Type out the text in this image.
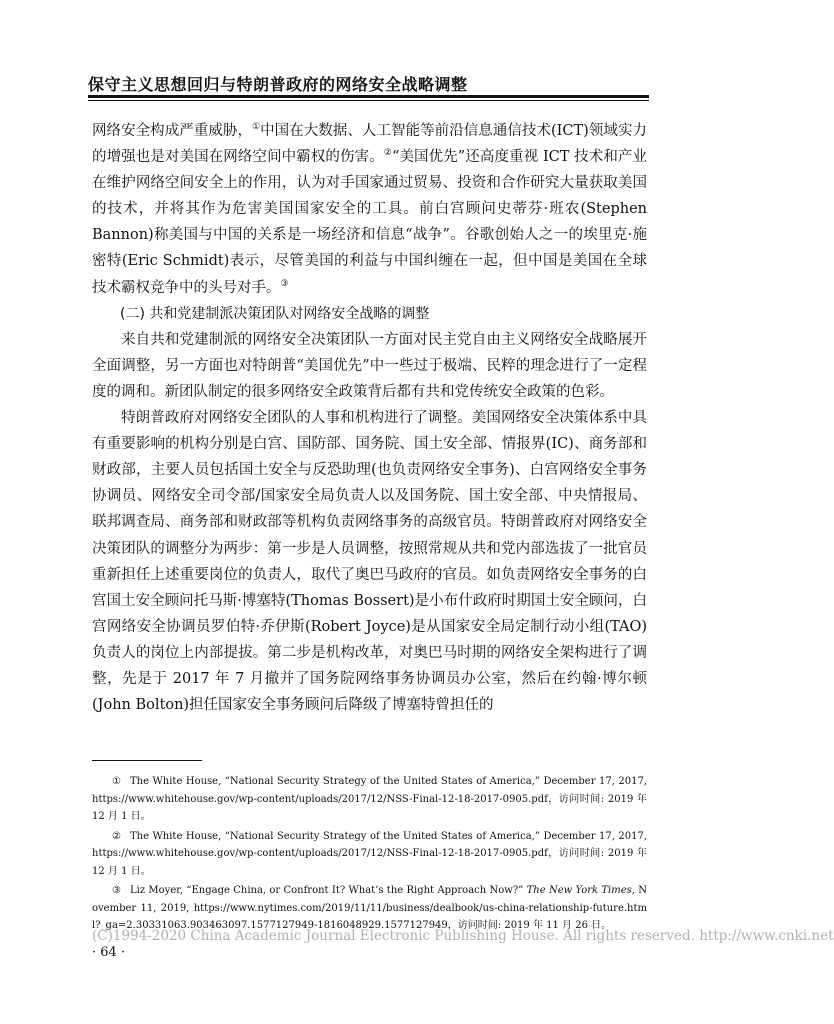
保守主义思想回归与特朗普政府的网络安全战略调整

网络安全构成严重威胁，①中国在大数据、人工智能等前沿信息通信技术(ICT)领域实力的增强也是对美国在网络空间中霸权的伤害。②“美国优先”还高度重视 ICT 技术和产业在维护网络空间安全上的作用，认为对手国家通过贸易、投资和合作研究大量获取美国的技术，并将其作为危害美国国家安全的工具。前白宫顾问史蒂芬·班农(Stephen Bannon)称美国与中国的关系是一场经济和信息“战争”。谷歌创始人之一的埃里克·施密特(Eric Schmidt)表示，尽管美国的利益与中国纠缠在一起，但中国是美国在全球技术霸权竞争中的头号对手。③

(二) 共和党建制派决策团队对网络安全战略的调整

来自共和党建制派的网络安全决策团队一方面对民主党自由主义网络安全战略展开全面调整，另一方面也对特朗普“美国优先”中一些过于极端、民粹的理念进行了一定程度的调和。新团队制定的很多网络安全政策背后都有共和党传统安全政策的色彩。

特朗普政府对网络安全团队的人事和机构进行了调整。美国网络安全决策体系中具有重要影响的机构分别是白宫、国防部、国务院、国土安全部、情报界(IC)、商务部和财政部，主要人员包括国土安全与反恐助理(也负责网络安全事务)、白宫网络安全事务协调员、网络安全司令部/国家安全局负责人以及国务院、国土安全部、中央情报局、联邦调查局、商务部和财政部等机构负责网络事务的高级官员。特朗普政府对网络安全决策团队的调整分为两步：第一步是人员调整，按照常规从共和党内部选拔了一批官员重新担任上述重要岗位的负责人，取代了奥巴马政府的官员。如负责网络安全事务的白宫国土安全顾问托马斯·博塞特(Thomas Bossert)是小布什政府时期国土安全顾问，白宫网络安全协调员罗伯特·乔伊斯(Robert Joyce)是从国家安全局定制行动小组(TAO)负责人的岗位上内部提拔。第二步是机构改革，对奥巴马时期的网络安全架构进行了调整，先是于 2017 年 7 月撤并了国务院网络事务协调员办公室，然后在约翰·博尔顿(John Bolton)担任国家安全事务顾问后降级了博塞特曾担任的

① The White House, “National Security Strategy of the United States of America,” December 17, 2017, https://www.whitehouse.gov/wp-content/uploads/2017/12/NSS-Final-12-18-2017-0905.pdf，访问时间: 2019 年 12 月 1 日。

② The White House, “National Security Strategy of the United States of America,” December 17, 2017, https://www.whitehouse.gov/wp-content/uploads/2017/12/NSS-Final-12-18-2017-0905.pdf，访问时间: 2019 年 12 月 1 日。

③ Liz Moyer, “Engage China, or Confront It? What’s the Right Approach Now?” The New York Times, November 11, 2019, https://www.nytimes.com/2019/11/11/business/dealbook/us-china-relationship-future.html?_ga=2.30331063.903463097.1577127949-1816048929.1577127949，访问时间: 2019 年 11 月 26 日。

(C)1994-2020 China Academic Journal Electronic Publishing House. All rights reserved. http://www.cnki.net
· 64 ·
